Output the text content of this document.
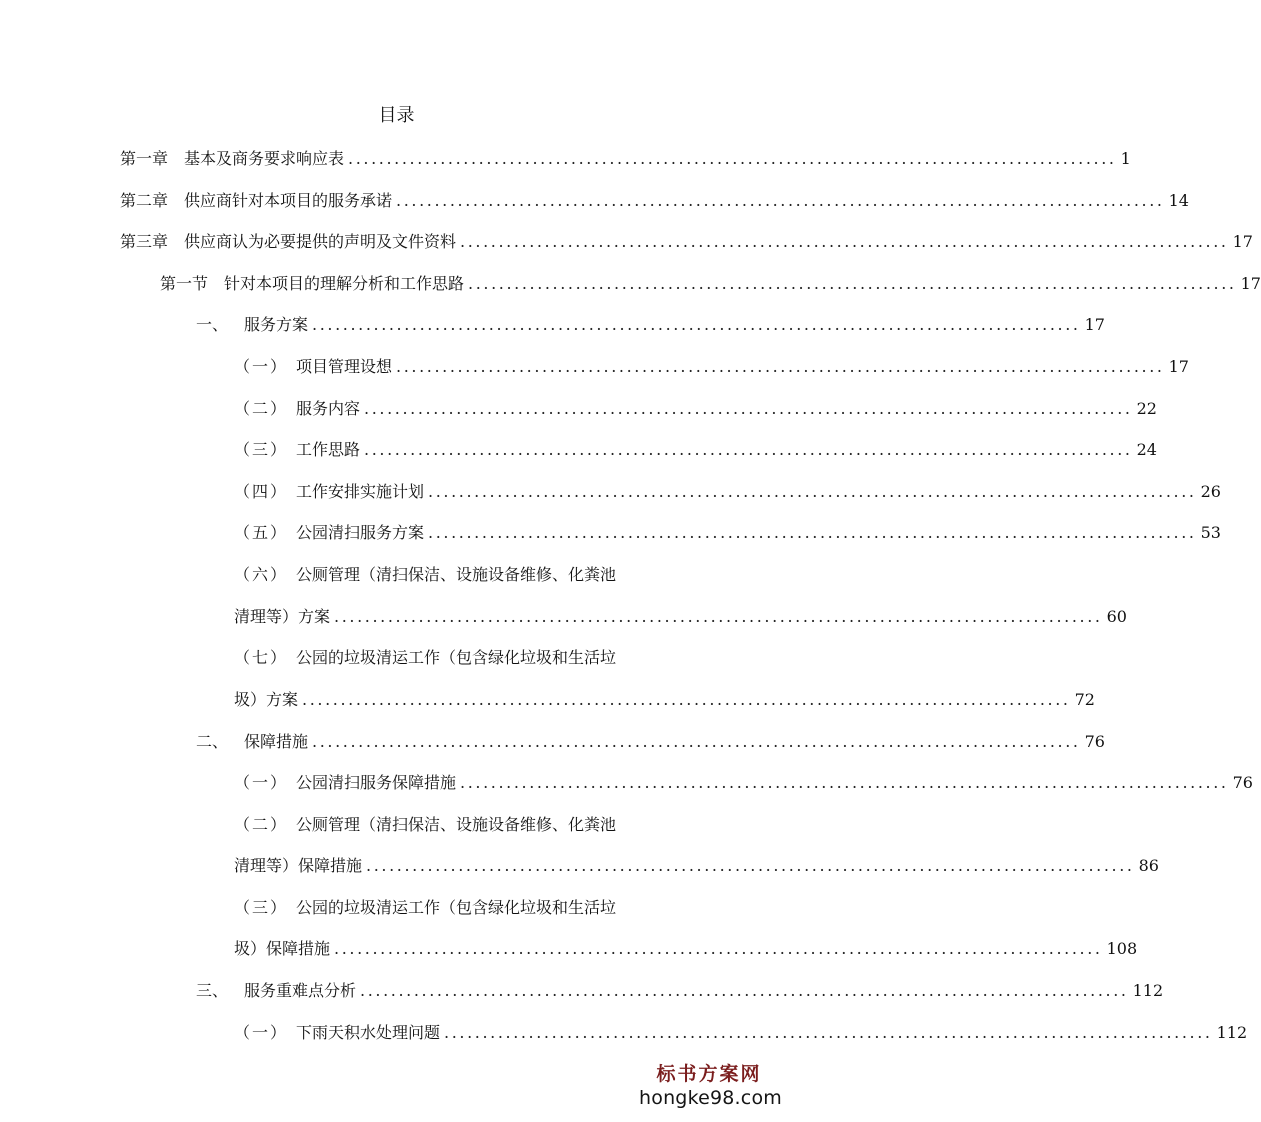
目录
第一章 基本及商务要求响应表 .................................................................................................... 1
第二章 供应商针对本项目的服务承诺 .................................................................................................... 14
第三章 供应商认为必要提供的声明及文件资料 .................................................................................................... 17
第一节 针对本项目的理解分析和工作思路 .................................................................................................... 17
一、 服务方案 .................................................................................................... 17
（一） 项目管理设想 .................................................................................................... 17
（二） 服务内容 .................................................................................................... 22
（三） 工作思路 .................................................................................................... 24
（四） 工作安排实施计划 .................................................................................................... 26
（五） 公园清扫服务方案 .................................................................................................... 53
（六） 公厕管理（清扫保洁、设施设备维修、化粪池
清理等）方案 .................................................................................................... 60
（七） 公园的垃圾清运工作（包含绿化垃圾和生活垃
圾）方案 .................................................................................................... 72
二、 保障措施 .................................................................................................... 76
（一） 公园清扫服务保障措施 .................................................................................................... 76
（二） 公厕管理（清扫保洁、设施设备维修、化粪池
清理等）保障措施 .................................................................................................... 86
（三） 公园的垃圾清运工作（包含绿化垃圾和生活垃
圾）保障措施 .................................................................................................... 108
三、 服务重难点分析 .................................................................................................... 112
（一） 下雨天积水处理问题 .................................................................................................... 112
标书方案网
hongke98.com
